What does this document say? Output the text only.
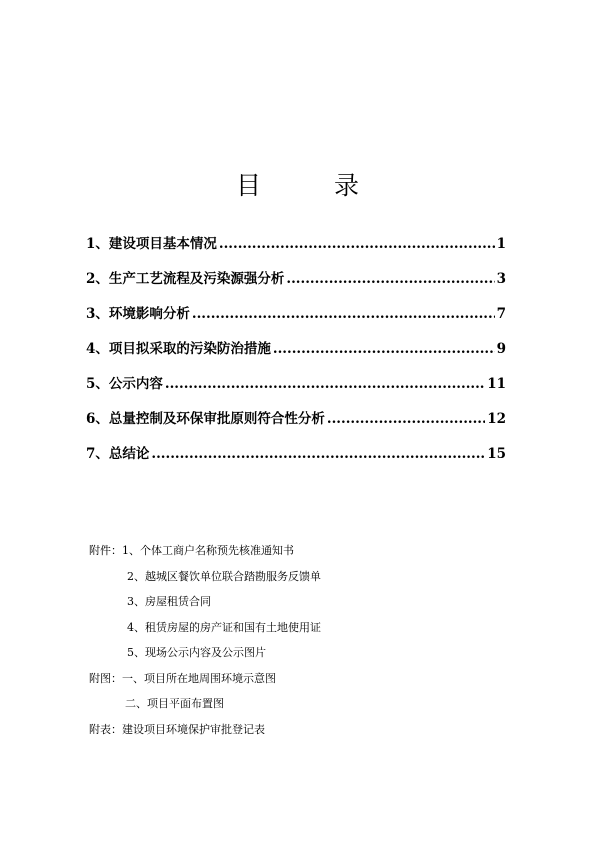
目　录
1、 建设项目基本情况 .....	1
2、 生产工艺流程及污染源强分析 .....	3
3、 环境影响分析 .....	7
4、 项目拟采取的污染防治措施 .....	9
5、 公示内容 .....	11
6、 总量控制及环保审批原则符合性分析 .....	12
7、 总结论 .....	15
附件：1、个体工商户名称预先核准通知书
2、越城区餐饮单位联合踏勘服务反馈单
3、房屋租赁合同
4、租赁房屋的房产证和国有土地使用证
5、现场公示内容及公示图片
附图：一、项目所在地周围环境示意图
二、项目平面布置图
附表：建设项目环境保护审批登记表
